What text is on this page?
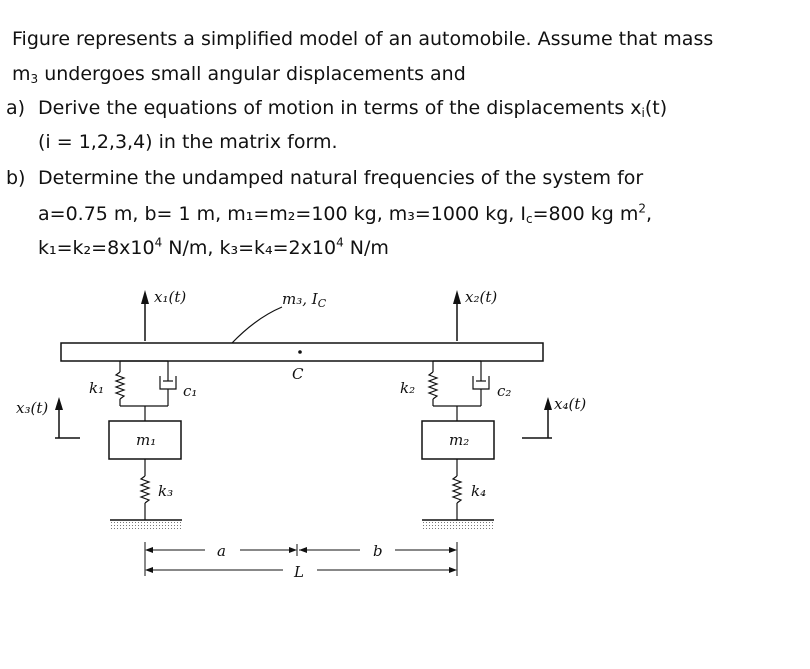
Figure represents a simplified model of an automobile. Assume that mass
$m_3$ undergoes small angular displacements and
a) Derive the equations of motion in terms of the displacements $x_i(t)$
(i = 1,2,3,4) in the matrix form.
b) Determine the undamped natural frequencies of the system for
a=0.75 m, b= 1 m, m₁=m₂=100 kg, m₃=1000 kg, $I_c=800$ kg $m^2$,
$k_1=k_2=8x10^4$ N/m, $k_3=k_4=2x10^4$ N/m
x₁(t)	x₂(t)
m₃, $I_C$
C
k₁	c₁	k₂	c₂
m₁	m₂
k₃	k₄
x₃(t)	x₄(t)
a	b
L
